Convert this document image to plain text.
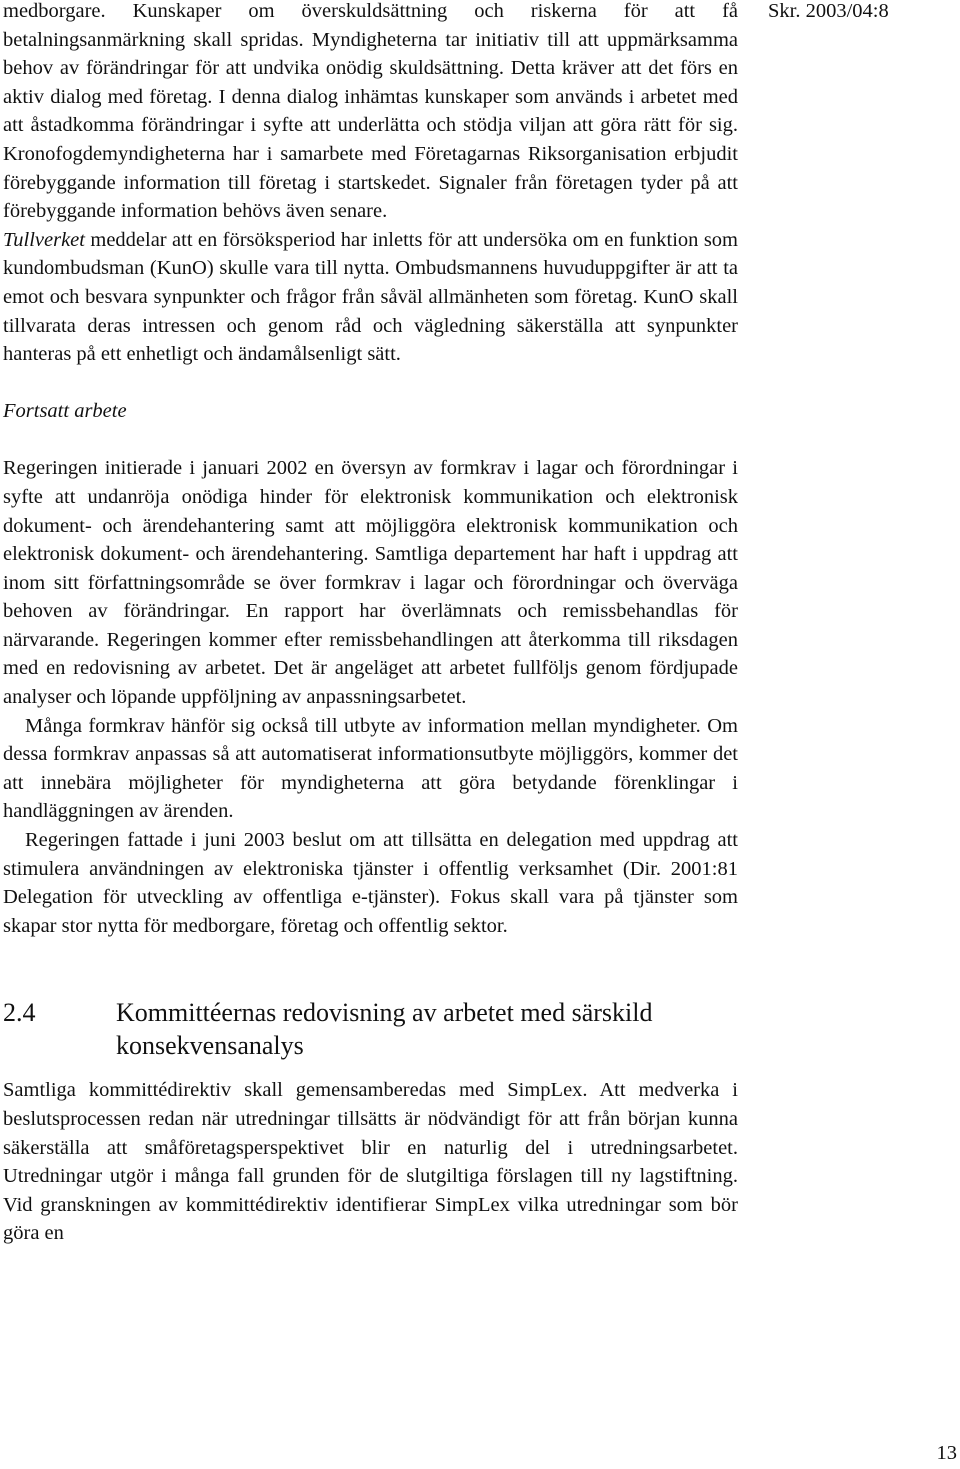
medborgare. Kunskaper om överskuldsättning och riskerna för att få betalningsanmärkning skall spridas. Myndigheterna tar initiativ till att uppmärksamma behov av förändringar för att undvika onödig skuldsättning. Detta kräver att det förs en aktiv dialog med företag. I denna dialog inhämtas kunskaper som används i arbetet med att åstadkomma förändringar i syfte att underlätta och stödja viljan att göra rätt för sig. Kronofogdemyndigheterna har i samarbete med Företagarnas Riksorganisation erbjudit förebyggande information till företag i startskedet. Signaler från företagen tyder på att förebyggande information behövs även senare.

Tullverket meddelar att en försöksperiod har inletts för att undersöka om en funktion som kundombudsman (KunO) skulle vara till nytta. Ombudsmannens huvuduppgifter är att ta emot och besvara synpunkter och frågor från såväl allmänheten som företag. KunO skall tillvarata deras intressen och genom råd och vägledning säkerställa att synpunkter hanteras på ett enhetligt och ändamålsenligt sätt.

Fortsatt arbete

Regeringen initierade i januari 2002 en översyn av formkrav i lagar och förordningar i syfte att undanröja onödiga hinder för elektronisk kommunikation och elektronisk dokument- och ärendehantering samt att möjliggöra elektronisk kommunikation och elektronisk dokument- och ärendehantering. Samtliga departement har haft i uppdrag att inom sitt författningsområde se över formkrav i lagar och förordningar och överväga behoven av förändringar. En rapport har överlämnats och remissbehandlas för närvarande. Regeringen kommer efter remissbehandlingen att återkomma till riksdagen med en redovisning av arbetet. Det är angeläget att arbetet fullföljs genom fördjupade analyser och löpande uppföljning av anpassningsarbetet.

Många formkrav hänför sig också till utbyte av information mellan myndigheter. Om dessa formkrav anpassas så att automatiserat informationsutbyte möjliggörs, kommer det att innebära möjligheter för myndigheterna att göra betydande förenklingar i handläggningen av ärenden.

Regeringen fattade i juni 2003 beslut om att tillsätta en delegation med uppdrag att stimulera användningen av elektroniska tjänster i offentlig verksamhet (Dir. 2001:81 Delegation för utveckling av offentliga e-tjänster). Fokus skall vara på tjänster som skapar stor nytta för medborgare, företag och offentlig sektor.

2.4	Kommittéernas redovisning av arbetet med särskild konsekvensanalys

Samtliga kommittédirektiv skall gemensamberedas med SimpLex. Att medverka i beslutsprocessen redan när utredningar tillsätts är nödvändigt för att från början kunna säkerställa att småföretagsperspektivet blir en naturlig del i utredningsarbetet. Utredningar utgör i många fall grunden för de slutgiltiga förslagen till ny lagstiftning. Vid granskningen av kommittédirektiv identifierar SimpLex vilka utredningar som bör göra en

Skr. 2003/04:8
13
